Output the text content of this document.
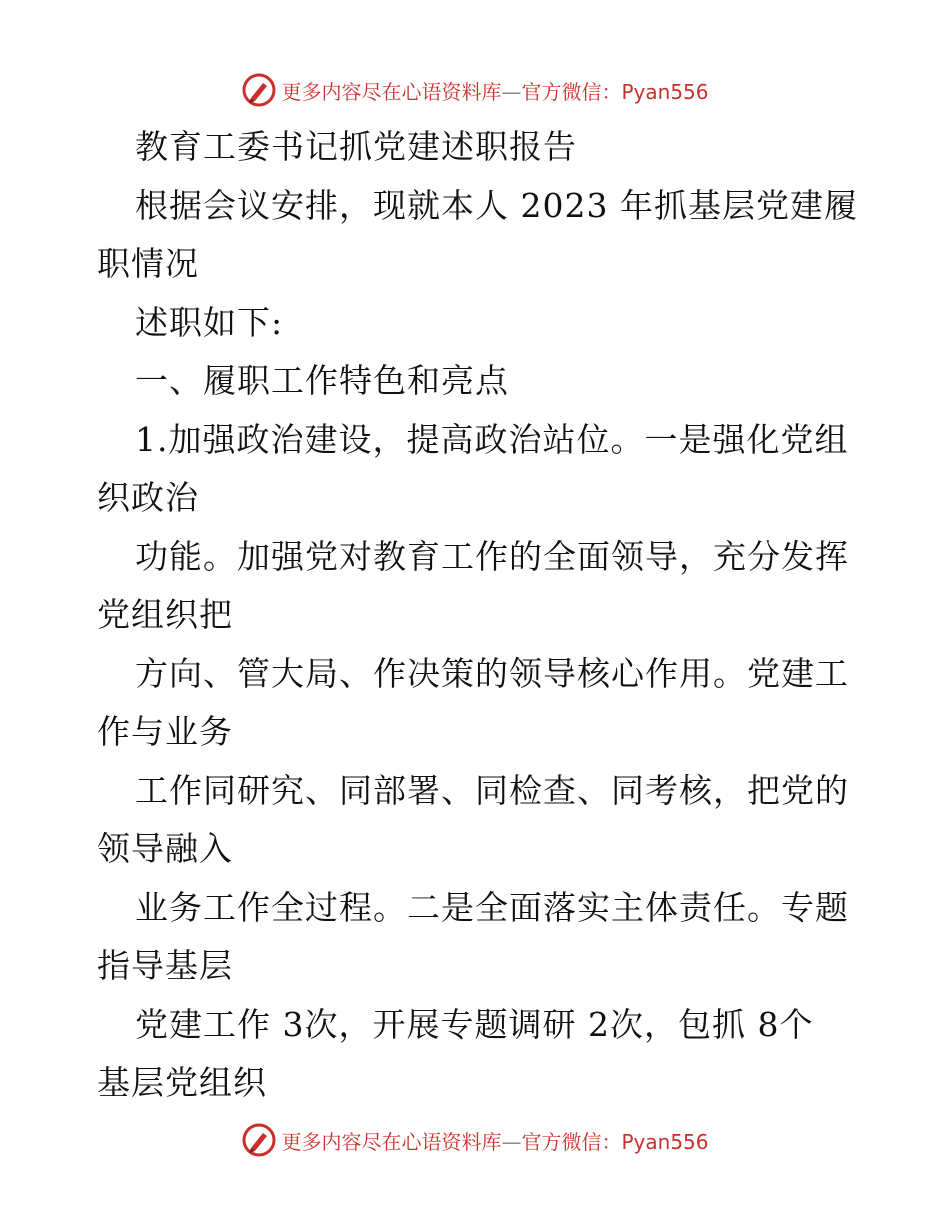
更多内容尽在心语资料库—官方微信：Pyan556
教育工委书记抓党建述职报告
根据会议安排，现就本人 2023 年抓基层党建履
职情况
述职如下:
一、履职工作特色和亮点
1.加强政治建设，提高政治站位。一是强化党组
织政治
功能。加强党对教育工作的全面领导，充分发挥
党组织把
方向、管大局、作决策的领导核心作用。党建工
作与业务
工作同研究、同部署、同检查、同考核，把党的
领导融入
业务工作全过程。二是全面落实主体责任。专题
指导基层
党建工作 3次，开展专题调研 2次，包抓 8个
基层党组织
更多内容尽在心语资料库—官方微信：Pyan556
